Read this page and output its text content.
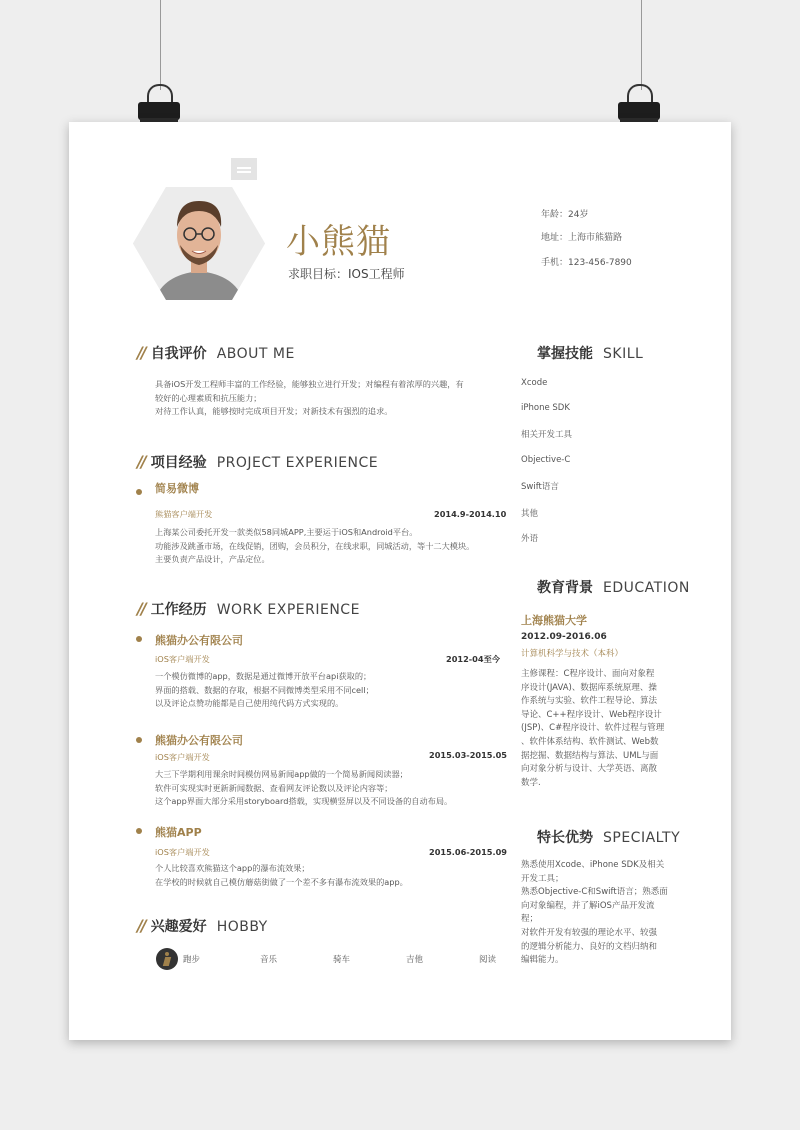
小熊猫
求职目标：IOS工程师
年龄：24岁
地址：上海市熊猫路
手机：123-456-7890
// 自我评价 ABOUT ME
具备iOS开发工程师丰富的工作经验，能够独立进行开发；对编程有着浓厚的兴趣，有
较好的心理素质和抗压能力；
对待工作认真，能够按时完成项目开发；对新技术有强烈的追求。
// 项目经验 PROJECT EXPERIENCE
简易微博
熊猫客户端开发	2014.9-2014.10
上海某公司委托开发一款类似58同城APP,主要运于iOS和Android平台。
功能涉及跳蚤市场，在线促销，团购，会员积分，在线求职，同城活动，等十二大模块。
主要负责产品设计，产品定位。
// 工作经历 WORK EXPERIENCE
熊猫办公有限公司
iOS客户端开发	2012-04至今
一个模仿微博的app，数据是通过微博开放平台api获取的；
界面的搭载、数据的存取，根据不同微博类型采用不同cell；
以及评论点赞功能都是自己使用纯代码方式实现的。
熊猫办公有限公司
iOS客户端开发	2015.03-2015.05
大三下学期利用课余时间模仿网易新闻app做的一个简易新闻阅读器；
软件可实现实时更新新闻数据、查看网友评论数以及评论内容等；
这个app界面大部分采用storyboard搭载，实现横竖屏以及不同设备的自动布局。
熊猫APP
iOS客户端开发	2015.06-2015.09
个人比较喜欢熊猫这个app的瀑布流效果；
在学校的时候就自己模仿蘑菇街做了一个差不多有瀑布流效果的app。
// 兴趣爱好 HOBBY
跑步	音乐	骑车	吉他	阅读
掌握技能 SKILL
Xcode
iPhone SDK
相关开发工具
Objective-C
Swift语言
其他
外语
教育背景 EDUCATION
上海熊猫大学
2012.09-2016.06
计算机科学与技术（本科）
主修课程：C程序设计、面向对象程
序设计(JAVA)、数据库系统原理、操
作系统与实验、软件工程导论、算法
导论、C++程序设计、Web程序设计
(JSP)、C#程序设计、软件过程与管理
、软件体系结构、软件测试、Web数
据挖掘、数据结构与算法、UML与面
向对象分析与设计、大学英语、离散
数学.
特长优势 SPECIALTY
熟悉使用Xcode、iPhone SDK及相关
开发工具；
熟悉Objective-C和Swift语言；熟悉面
向对象编程，并了解iOS产品开发流
程；
对软件开发有较强的理论水平、较强
的逻辑分析能力、良好的文档归纳和
编辑能力。
